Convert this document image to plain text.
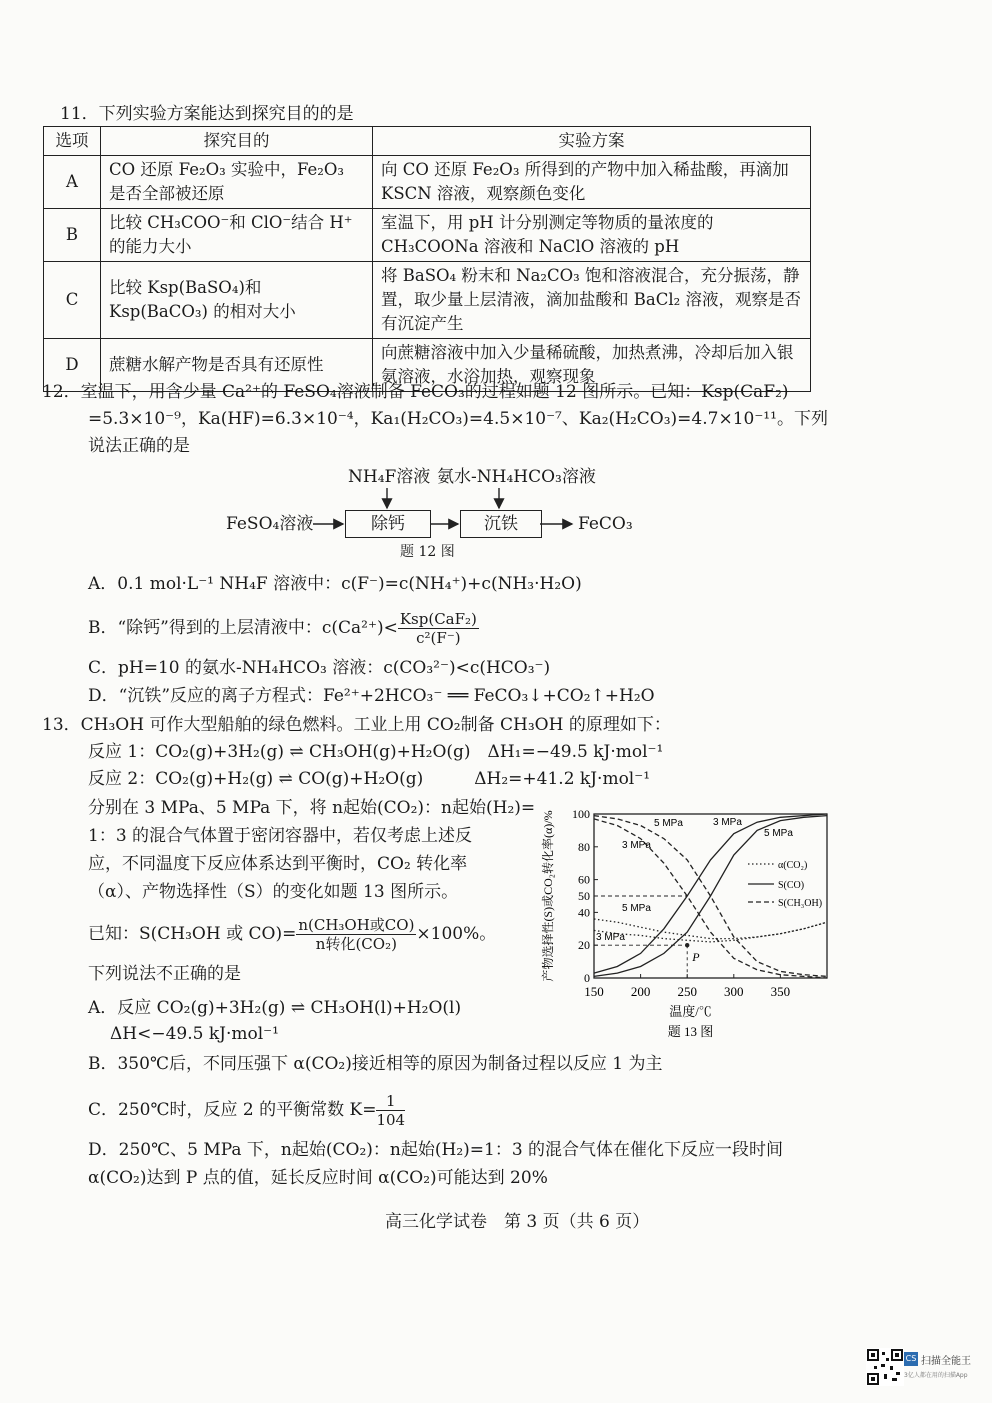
11．下列实验方案能达到探究目的的是
选项	探究目的	实验方案
A	CO 还原 Fe₂O₃ 实验中，Fe₂O₃ 是否全部被还原	向 CO 还原 Fe₂O₃ 所得到的产物中加入稀盐酸，再滴加 KSCN 溶液，观察颜色变化
B	比较 CH₃COO⁻和 ClO⁻结合 H⁺ 的能力大小	室温下，用 pH 计分别测定等物质的量浓度的 CH₃COONa 溶液和 NaClO 溶液的 pH
C	比较 Ksp(BaSO₄)和 Ksp(BaCO₃) 的相对大小	将 BaSO₄ 粉末和 Na₂CO₃ 饱和溶液混合，充分振荡，静置，取少量上层清液，滴加盐酸和 BaCl₂ 溶液，观察是否有沉淀产生
D	蔗糖水解产物是否具有还原性	向蔗糖溶液中加入少量稀硫酸，加热煮沸，冷却后加入银氨溶液，水浴加热，观察现象
12．室温下，用含少量 Ca²⁺的 FeSO₄溶液制备 FeCO₃的过程如题 12 图所示。已知：Ksp(CaF₂)
=5.3×10⁻⁹，Ka(HF)=6.3×10⁻⁴，Ka₁(H₂CO₃)=4.5×10⁻⁷、Ka₂(H₂CO₃)=4.7×10⁻¹¹。下列
说法正确的是
NH₄F溶液 氨水-NH₄HCO₃溶液
FeSO₄溶液	除钙	沉铁	FeCO₃
题 12 图
A．0.1 mol·L⁻¹ NH₄F 溶液中：c(F⁻)=c(NH₄⁺)+c(NH₃·H₂O)
B．“除钙”得到的上层清液中：$c(Ca^{2+})< \frac{\text{Ksp(CaF₂)}}{\text{c²(F⁻)}}$
C．pH=10 的氨水-NH₄HCO₃ 溶液：c(CO₃²⁻)<c(HCO₃⁻)
D．“沉铁”反应的离子方程式：Fe²⁺+2HCO₃⁻ ══ FeCO₃↓+CO₂↑+H₂O
13．CH₃OH 可作大型船舶的绿色燃料。工业上用 CO₂制备 CH₃OH 的原理如下：
反应 1：CO₂(g)+3H₂(g) ⇌ CH₃OH(g)+H₂O(g)　ΔH₁=−49.5 kJ·mol⁻¹
反应 2：CO₂(g)+H₂(g) ⇌ CO(g)+H₂O(g)　　　ΔH₂=+41.2 kJ·mol⁻¹
分别在 3 MPa、5 MPa 下，将 n起始(CO₂)：n起始(H₂)=
1：3 的混合气体置于密闭容器中，若仅考虑上述反
应，不同温度下反应体系达到平衡时，CO₂ 转化率
（α）、产物选择性（S）的变化如题 13 图所示。
已知：S(CH₃OH 或 $CO)= \frac{\text{n(CH₃OH或CO)}}{\text{n转化(CO₂)}} \times 100\%$。
下列说法不正确的是
A．反应 CO₂(g)+3H₂(g) ⇌ CH₃OH(l)+H₂O(l)
ΔH<−49.5 kJ·mol⁻¹
B．350℃后，不同压强下 α(CO₂)接近相等的原因为制备过程以反应 1 为主
C．250℃时，反应 2 的平衡常数 $K= \frac{1}{104}$
D．250℃、5 MPa 下，n起始(CO₂)：n起始(H₂)=1：3 的混合气体在催化下反应一段时间
α(CO₂)达到 P 点的值，延长反应时间 α(CO₂)可能达到 20%
150 200 250 300 350
0
20
40
50
60
80
100
P
5 MPa	3 MPa
5 MPa
3 MPa
5 MPa
3 MPa
α(CO₂)
S(CO)
S(CH₃OH)
温度/℃
题 13 图
产物选择性(S)或CO₂转化率(α)/%
高三化学试卷　第 3 页（共 6 页）
CS 扫描全能王
3亿人都在用的扫描App
